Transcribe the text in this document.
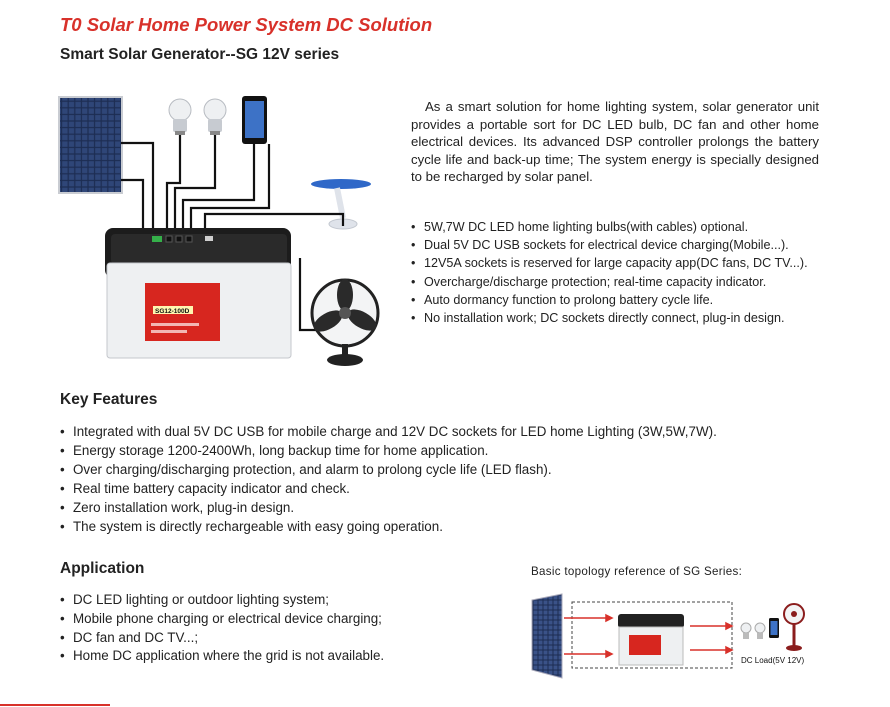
T0 Solar Home Power System DC Solution
Smart Solar Generator--SG 12V series
SG12-100D

As a smart solution for home lighting system, solar generator unit provides a portable sort for DC LED bulb, DC fan and other home electrical devices. Its advanced DSP controller prolongs the battery cycle life and back-up time; The system energy is specially designed to be recharged by solar panel.

• 5W,7W DC LED home lighting bulbs(with cables) optional.
• Dual 5V DC USB sockets for electrical device charging(Mobile...).
• 12V5A sockets is reserved for large capacity app(DC fans, DC TV...).
• Overcharge/discharge protection; real-time capacity indicator.
• Auto dormancy function to prolong battery cycle life.
• No installation work; DC sockets directly connect, plug-in design.
Key Features
• Integrated with dual 5V DC USB for mobile charge and 12V DC sockets for LED home Lighting (3W,5W,7W).
• Energy storage 1200-2400Wh, long backup time for home application.
• Over charging/discharging protection, and alarm to prolong cycle life (LED flash).
• Real time battery capacity indicator and check.
• Zero installation work, plug-in design.
• The system is directly rechargeable with easy going operation.
Application
• DC LED lighting or outdoor lighting system;
• Mobile phone charging or electrical device charging;
• DC fan and DC TV...;
• Home DC application where the grid is not available.

Basic topology reference of SG Series:

DC Load(5V 12V)
